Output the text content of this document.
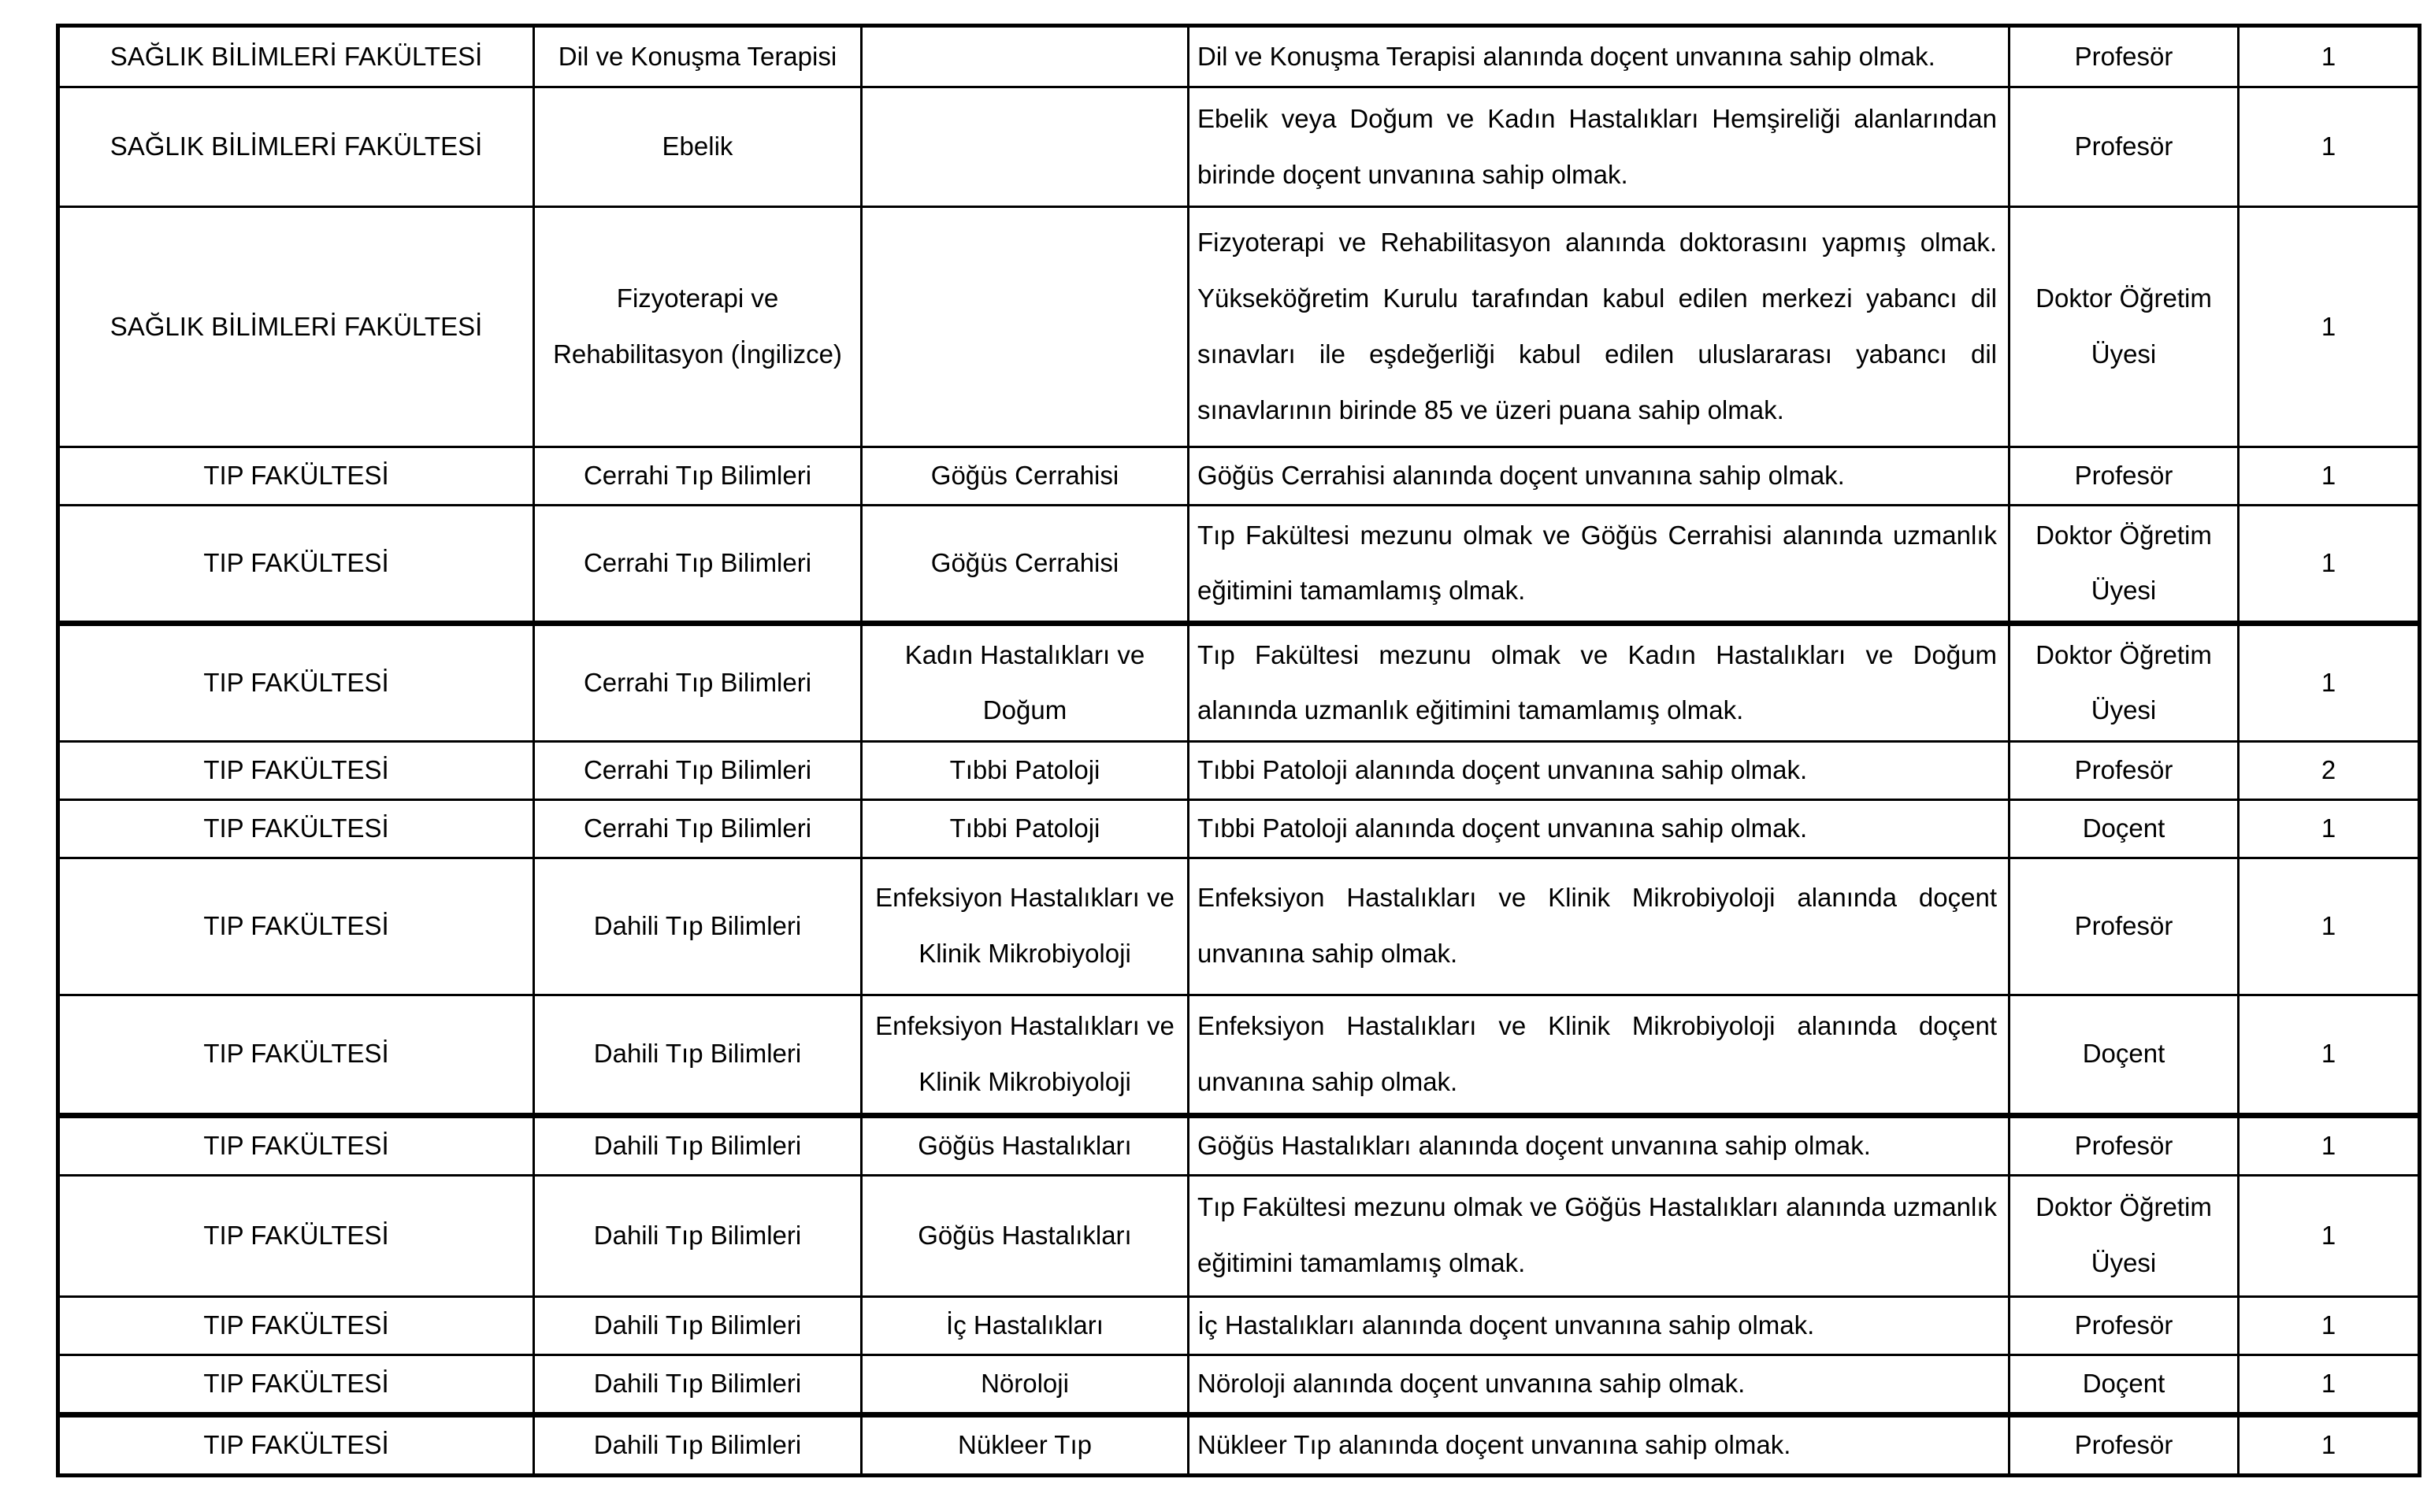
SAĞLIK BİLİMLERİ FAKÜLTESİ	Dil ve Konuşma Terapisi		Dil ve Konuşma Terapisi alanında doçent unvanına sahip olmak.	Profesör	1

SAĞLIK BİLİMLERİ FAKÜLTESİ	Ebelik		Ebelik veya Doğum ve Kadın Hastalıkları Hemşireliği alanlarından birinde doçent unvanına sahip olmak.	Profesör	1

SAĞLIK BİLİMLERİ FAKÜLTESİ	Fizyoterapi ve Rehabilitasyon (İngilizce)		Fizyoterapi ve Rehabilitasyon alanında doktorasını yapmış olmak. Yükseköğretim Kurulu tarafından kabul edilen merkezi yabancı dil sınavları ile eşdeğerliği kabul edilen uluslararası yabancı dil sınavlarının birinde 85 ve üzeri puana sahip olmak.	Doktor Öğretim Üyesi	1

TIP FAKÜLTESİ	Cerrahi Tıp Bilimleri	Göğüs Cerrahisi	Göğüs Cerrahisi alanında doçent unvanına sahip olmak.	Profesör	1

TIP FAKÜLTESİ	Cerrahi Tıp Bilimleri	Göğüs Cerrahisi	Tıp Fakültesi mezunu olmak ve Göğüs Cerrahisi alanında uzmanlık eğitimini tamamlamış olmak.	Doktor Öğretim Üyesi	1

TIP FAKÜLTESİ	Cerrahi Tıp Bilimleri	Kadın Hastalıkları ve Doğum	Tıp Fakültesi mezunu olmak ve Kadın Hastalıkları ve Doğum alanında uzmanlık eğitimini tamamlamış olmak.	Doktor Öğretim Üyesi	1

TIP FAKÜLTESİ	Cerrahi Tıp Bilimleri	Tıbbi Patoloji	Tıbbi Patoloji alanında doçent unvanına sahip olmak.	Profesör	2

TIP FAKÜLTESİ	Cerrahi Tıp Bilimleri	Tıbbi Patoloji	Tıbbi Patoloji alanında doçent unvanına sahip olmak.	Doçent	1

TIP FAKÜLTESİ	Dahili Tıp Bilimleri	Enfeksiyon Hastalıkları ve Klinik Mikrobiyoloji	Enfeksiyon Hastalıkları ve Klinik Mikrobiyoloji alanında doçent unvanına sahip olmak.	Profesör	1

TIP FAKÜLTESİ	Dahili Tıp Bilimleri	Enfeksiyon Hastalıkları ve Klinik Mikrobiyoloji	Enfeksiyon Hastalıkları ve Klinik Mikrobiyoloji alanında doçent unvanına sahip olmak.	Doçent	1

TIP FAKÜLTESİ	Dahili Tıp Bilimleri	Göğüs Hastalıkları	Göğüs Hastalıkları alanında doçent unvanına sahip olmak.	Profesör	1

TIP FAKÜLTESİ	Dahili Tıp Bilimleri	Göğüs Hastalıkları	Tıp Fakültesi mezunu olmak ve Göğüs Hastalıkları alanında uzmanlık eğitimini tamamlamış olmak.	Doktor Öğretim Üyesi	1

TIP FAKÜLTESİ	Dahili Tıp Bilimleri	İç Hastalıkları	İç Hastalıkları alanında doçent unvanına sahip olmak.	Profesör	1

TIP FAKÜLTESİ	Dahili Tıp Bilimleri	Nöroloji	Nöroloji alanında doçent unvanına sahip olmak.	Doçent	1

TIP FAKÜLTESİ	Dahili Tıp Bilimleri	Nükleer Tıp	Nükleer Tıp alanında doçent unvanına sahip olmak.	Profesör	1
